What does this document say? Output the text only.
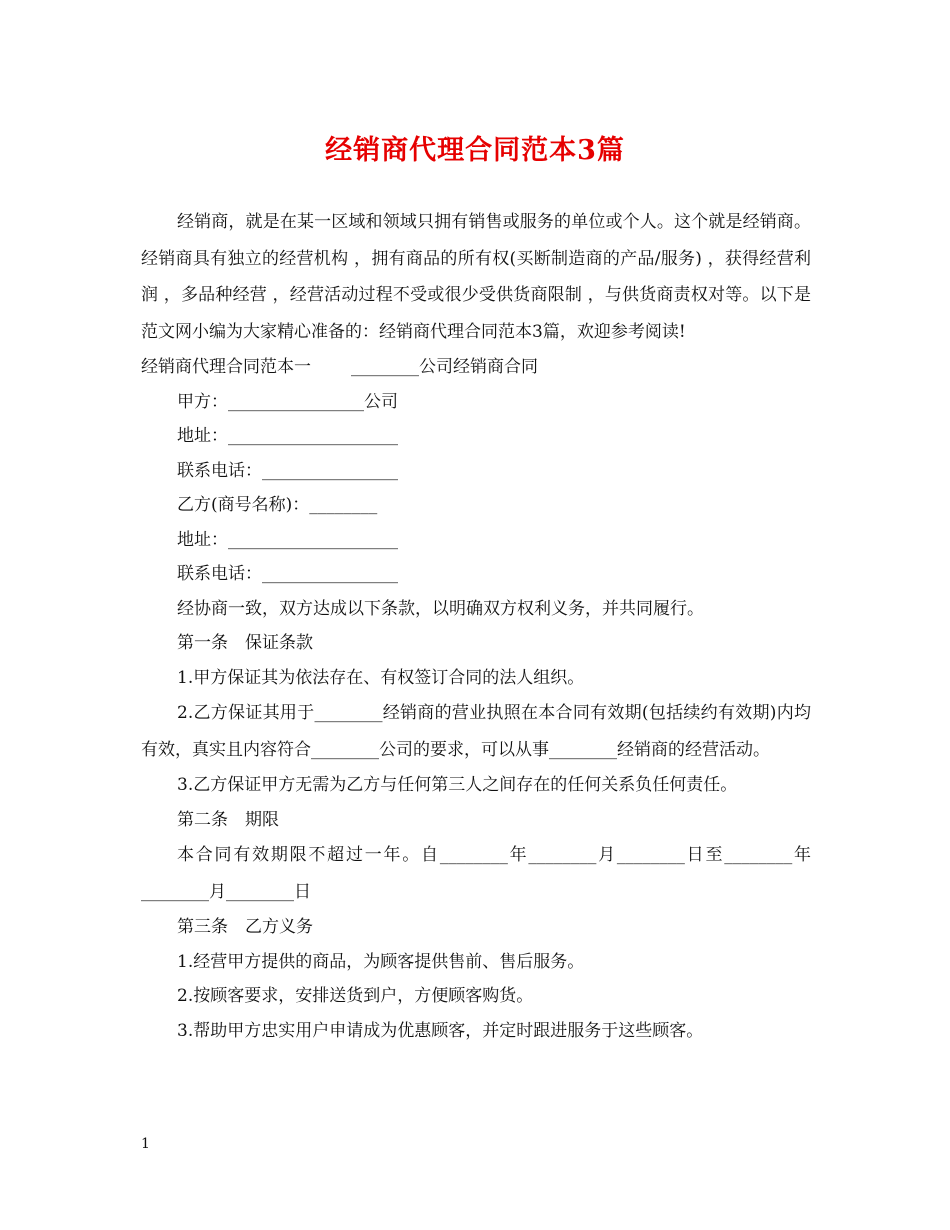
经销商代理合同范本3篇

经销商，就是在某一区域和领域只拥有销售或服务的单位或个人。这个就是经销商。经销商具有独立的经营机构 ，拥有商品的所有权(买断制造商的产品/服务) ，获得经营利润 ，多品种经营 ，经营活动过程不受或很少受供货商限制 ，与供货商责权对等。以下是范文网小编为大家精心准备的：经销商代理合同范本3篇，欢迎参考阅读!

经销商代理合同范本一 ________公司经销商合同
甲方：________________公司
地址：____________________
联系电话：________________
乙方(商号名称)：________
地址：____________________
联系电话：________________
经协商一致，双方达成以下条款，以明确双方权利义务，并共同履行。
第一条　保证条款
1.甲方保证其为依法存在、有权签订合同的法人组织。

2.乙方保证其用于________经销商的营业执照在本合同有效期(包括续约有效期)内均有效，真实且内容符合________公司的要求，可以从事________经销商的经营活动。

3.乙方保证甲方无需为乙方与任何第三人之间存在的任何关系负任何责任。
第二条　期限

本合同有效期限不超过一年。自________年________月________日至________年________月________日

第三条　乙方义务
1.经营甲方提供的商品，为顾客提供售前、售后服务。
2.按顾客要求，安排送货到户，方便顾客购货。
3.帮助甲方忠实用户申请成为优惠顾客，并定时跟进服务于这些顾客。
1
